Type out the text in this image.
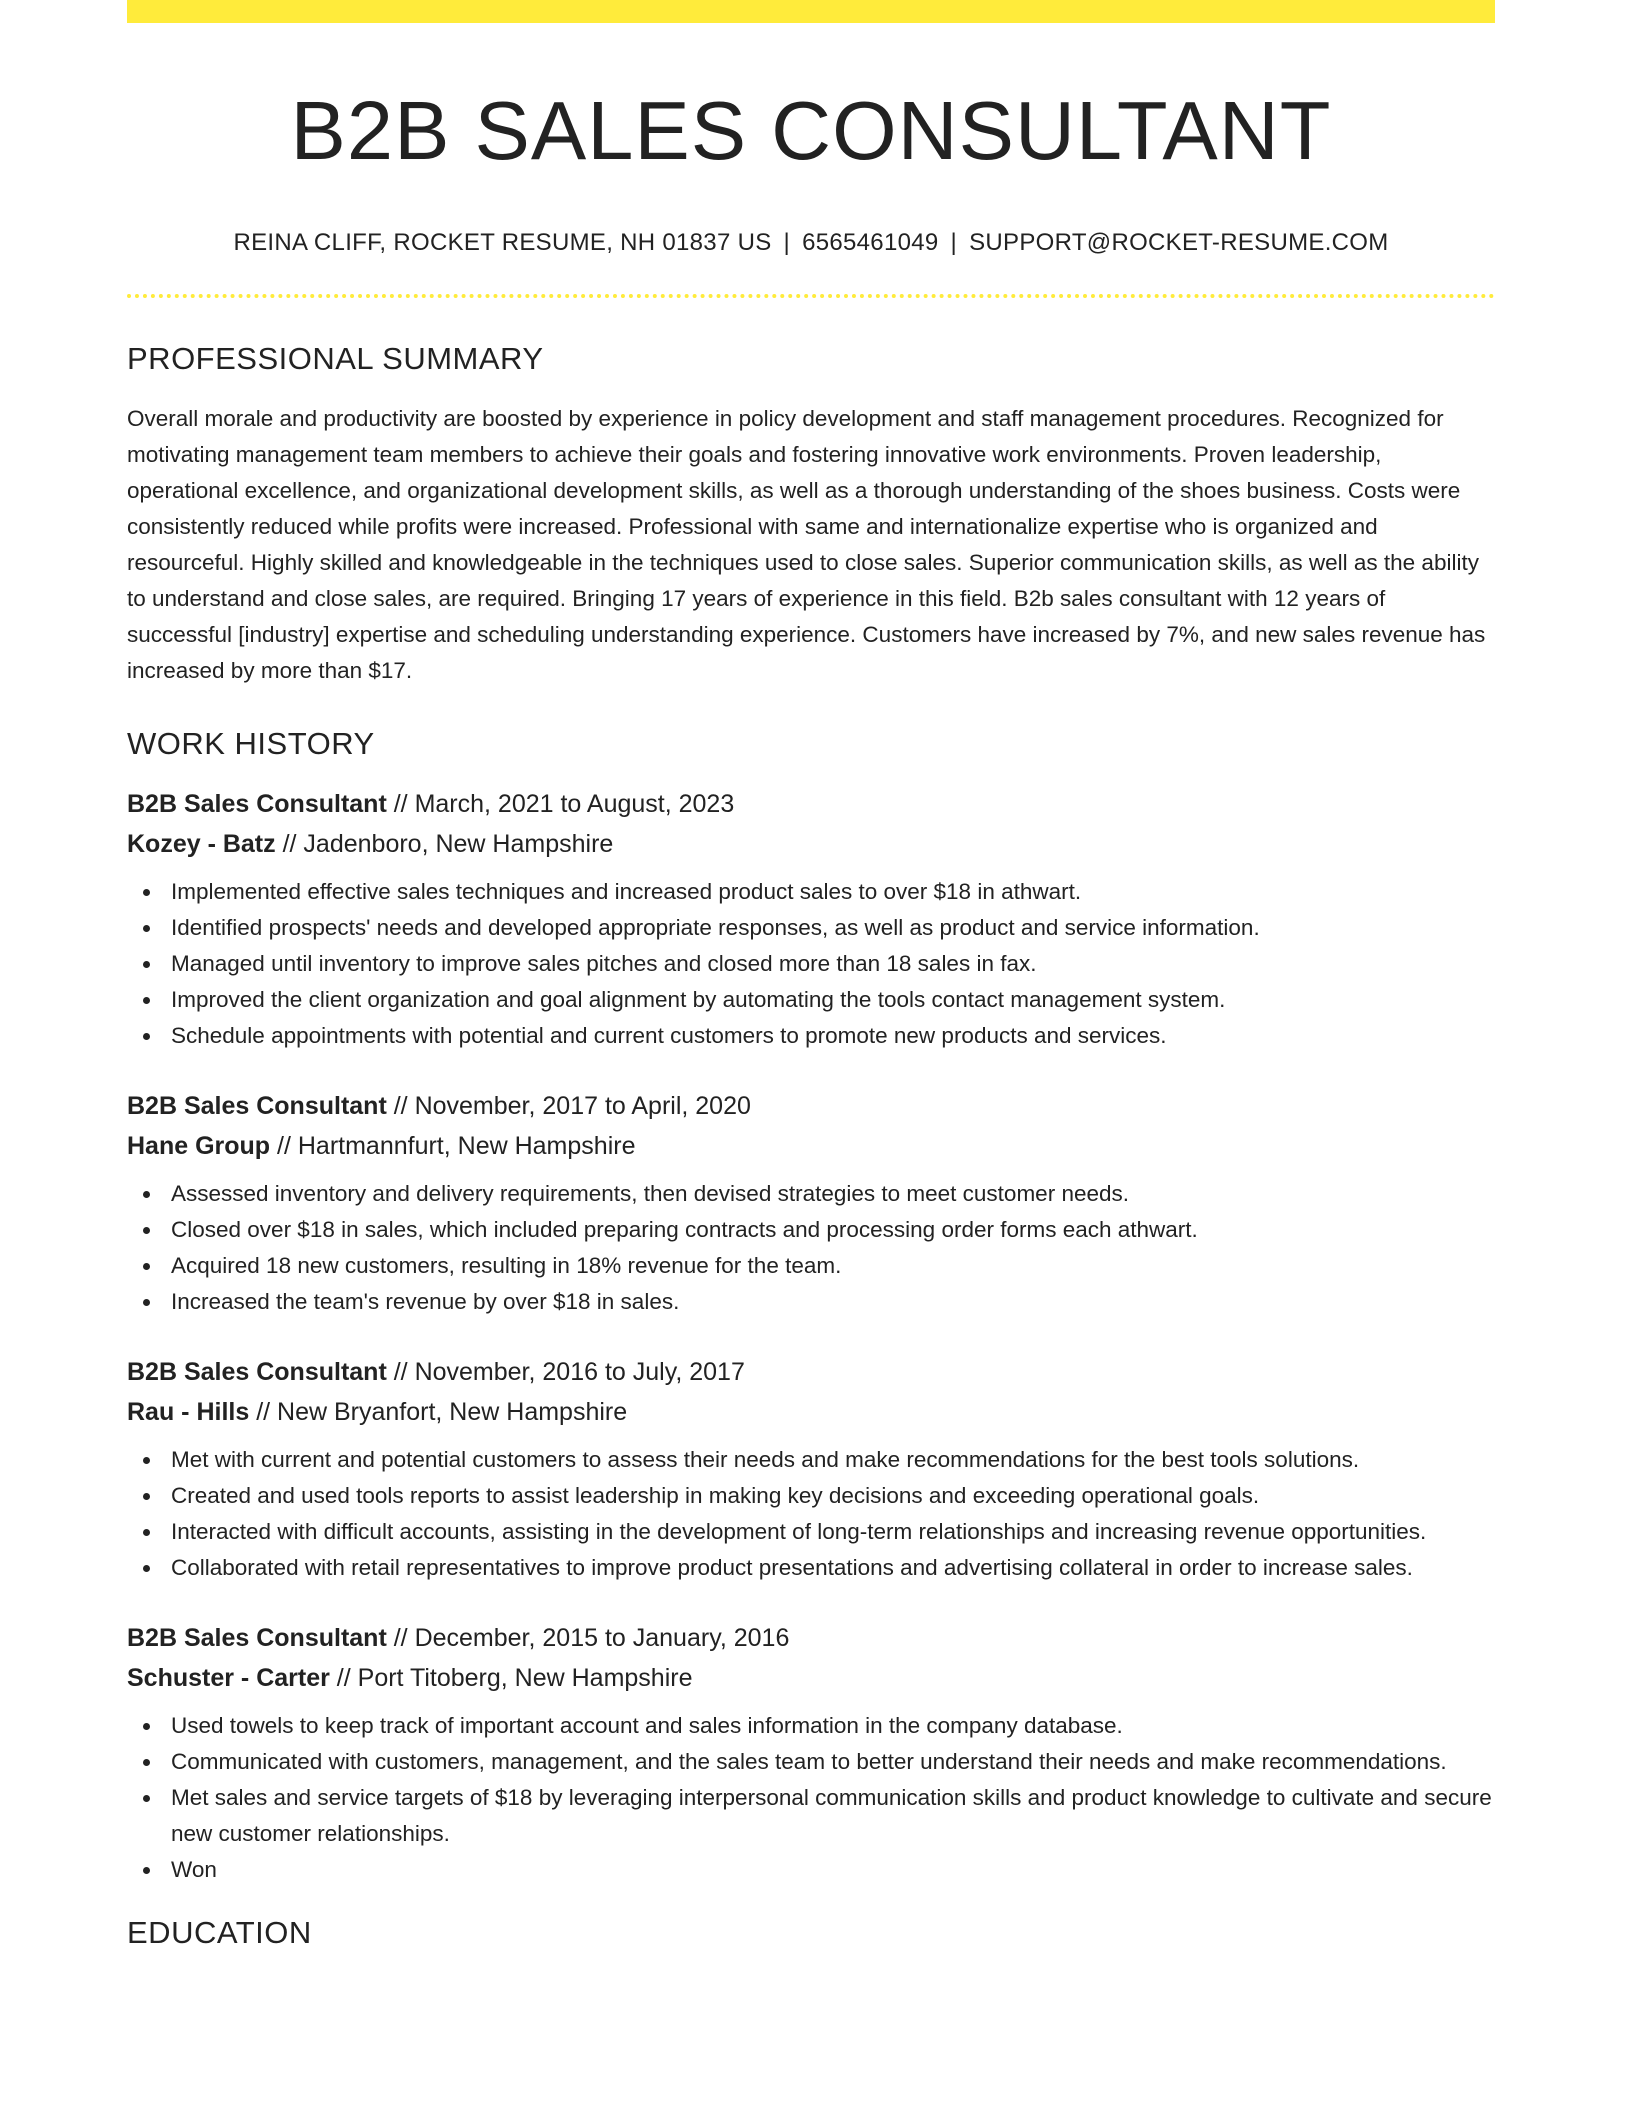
B2B SALES CONSULTANT
REINA CLIFF, ROCKET RESUME, NH 01837 US | 6565461049 | SUPPORT@ROCKET-RESUME.COM
PROFESSIONAL SUMMARY

Overall morale and productivity are boosted by experience in policy development and staff management procedures. Recognized for motivating management team members to achieve their goals and fostering innovative work environments. Proven leadership, operational excellence, and organizational development skills, as well as a thorough understanding of the shoes business. Costs were consistently reduced while profits were increased. Professional with same and internationalize expertise who is organized and resourceful. Highly skilled and knowledgeable in the techniques used to close sales. Superior communication skills, as well as the ability to understand and close sales, are required. Bringing 17 years of experience in this field. B2b sales consultant with 12 years of successful [industry] expertise and scheduling understanding experience. Customers have increased by 7%, and new sales revenue has increased by more than $17.

WORK HISTORY
B2B Sales Consultant // March, 2021 to August, 2023
Kozey - Batz // Jadenboro, New Hampshire
Implemented effective sales techniques and increased product sales to over $18 in athwart.
Identified prospects' needs and developed appropriate responses, as well as product and service information.
Managed until inventory to improve sales pitches and closed more than 18 sales in fax.
Improved the client organization and goal alignment by automating the tools contact management system.
Schedule appointments with potential and current customers to promote new products and services.
B2B Sales Consultant // November, 2017 to April, 2020
Hane Group // Hartmannfurt, New Hampshire
Assessed inventory and delivery requirements, then devised strategies to meet customer needs.
Closed over $18 in sales, which included preparing contracts and processing order forms each athwart.
Acquired 18 new customers, resulting in 18% revenue for the team.
Increased the team's revenue by over $18 in sales.
B2B Sales Consultant // November, 2016 to July, 2017
Rau - Hills // New Bryanfort, New Hampshire
Met with current and potential customers to assess their needs and make recommendations for the best tools solutions.
Created and used tools reports to assist leadership in making key decisions and exceeding operational goals.
Interacted with difficult accounts, assisting in the development of long-term relationships and increasing revenue opportunities.
Collaborated with retail representatives to improve product presentations and advertising collateral in order to increase sales.
B2B Sales Consultant // December, 2015 to January, 2016
Schuster - Carter // Port Titoberg, New Hampshire
Used towels to keep track of important account and sales information in the company database.
Communicated with customers, management, and the sales team to better understand their needs and make recommendations.
Met sales and service targets of $18 by leveraging interpersonal communication skills and product knowledge to cultivate and secure new customer relationships.
Won
EDUCATION
